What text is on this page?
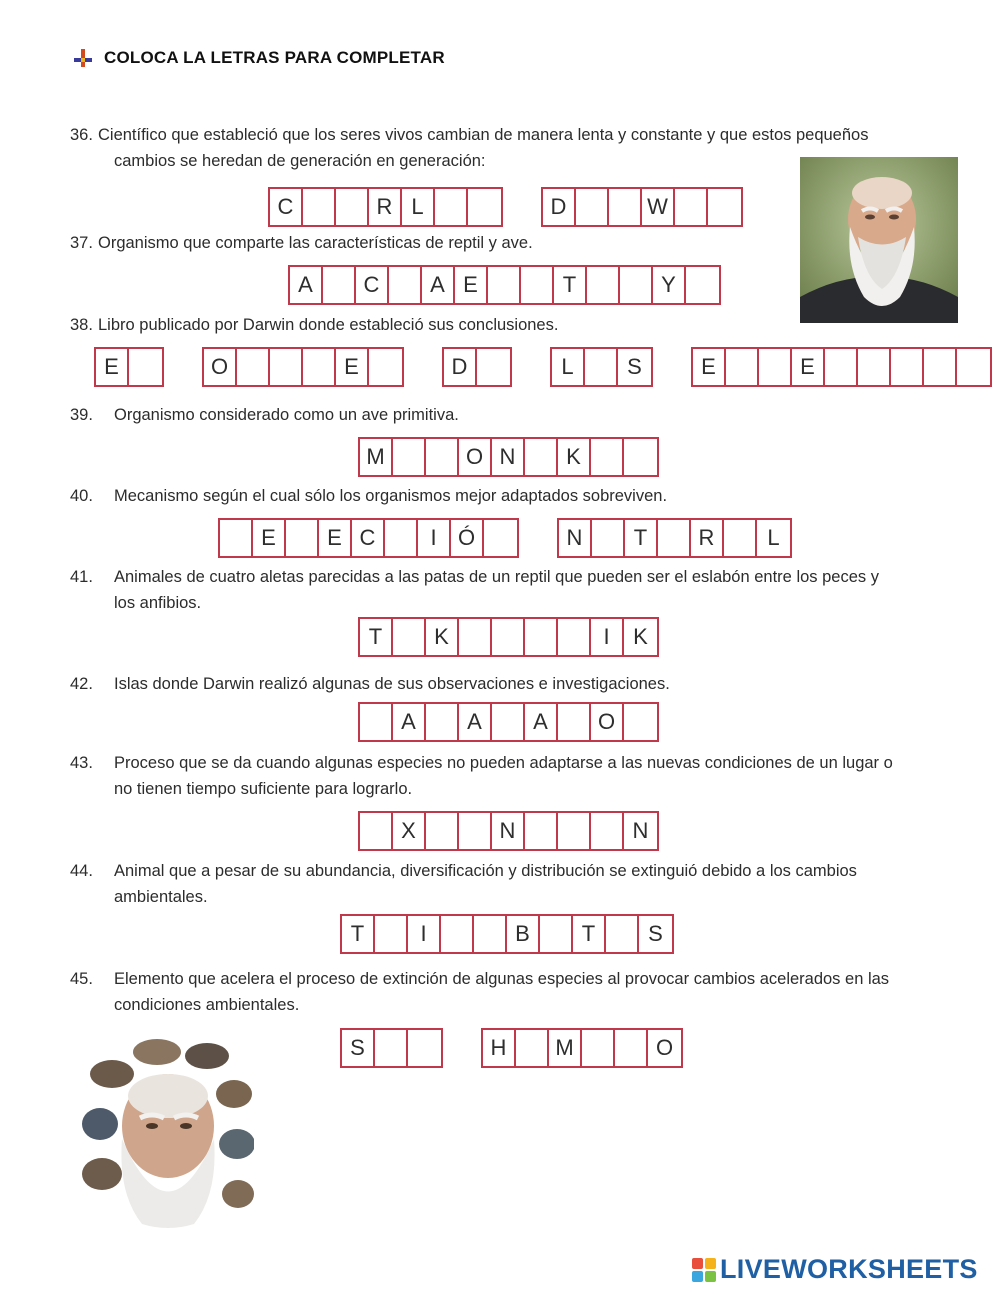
COLOCA LA LETRAS PARA COMPLETAR
36. Científico que estableció que los seres vivos cambian de manera lenta y constante y que estos pequeños
cambios se heredan de generación en generación:
C	R L	D	W
37. Organismo que comparte las características de reptil y ave.
A	C	A E	T	Y
38. Libro publicado por Darwin donde estableció sus conclusiones.
E	O	E	D	L	S	E	E
39. Organismo considerado como un ave primitiva.
M	O N	K
40. Mecanismo según el cual sólo los organismos mejor adaptados sobreviven.
E	E C	I Ó	N	T	R	L
41. Animales de cuatro aletas parecidas a las patas de un reptil que pueden ser el eslabón entre los peces y
los anfibios.
T	K	I	K
42. Islas donde Darwin realizó algunas de sus observaciones e investigaciones.
A	A	A	O
43. Proceso que se da cuando algunas especies no pueden adaptarse a las nuevas condiciones de un lugar o
no tienen tiempo suficiente para lograrlo.
X	N	N
44. Animal que a pesar de su abundancia, diversificación y distribución se extinguió debido a los cambios
ambientales.
T	I	B	T	S
45. Elemento que acelera el proceso de extinción de algunas especies al provocar cambios acelerados en las
condiciones ambientales.
S	H	M	O
LIVEWORKSHEETS
